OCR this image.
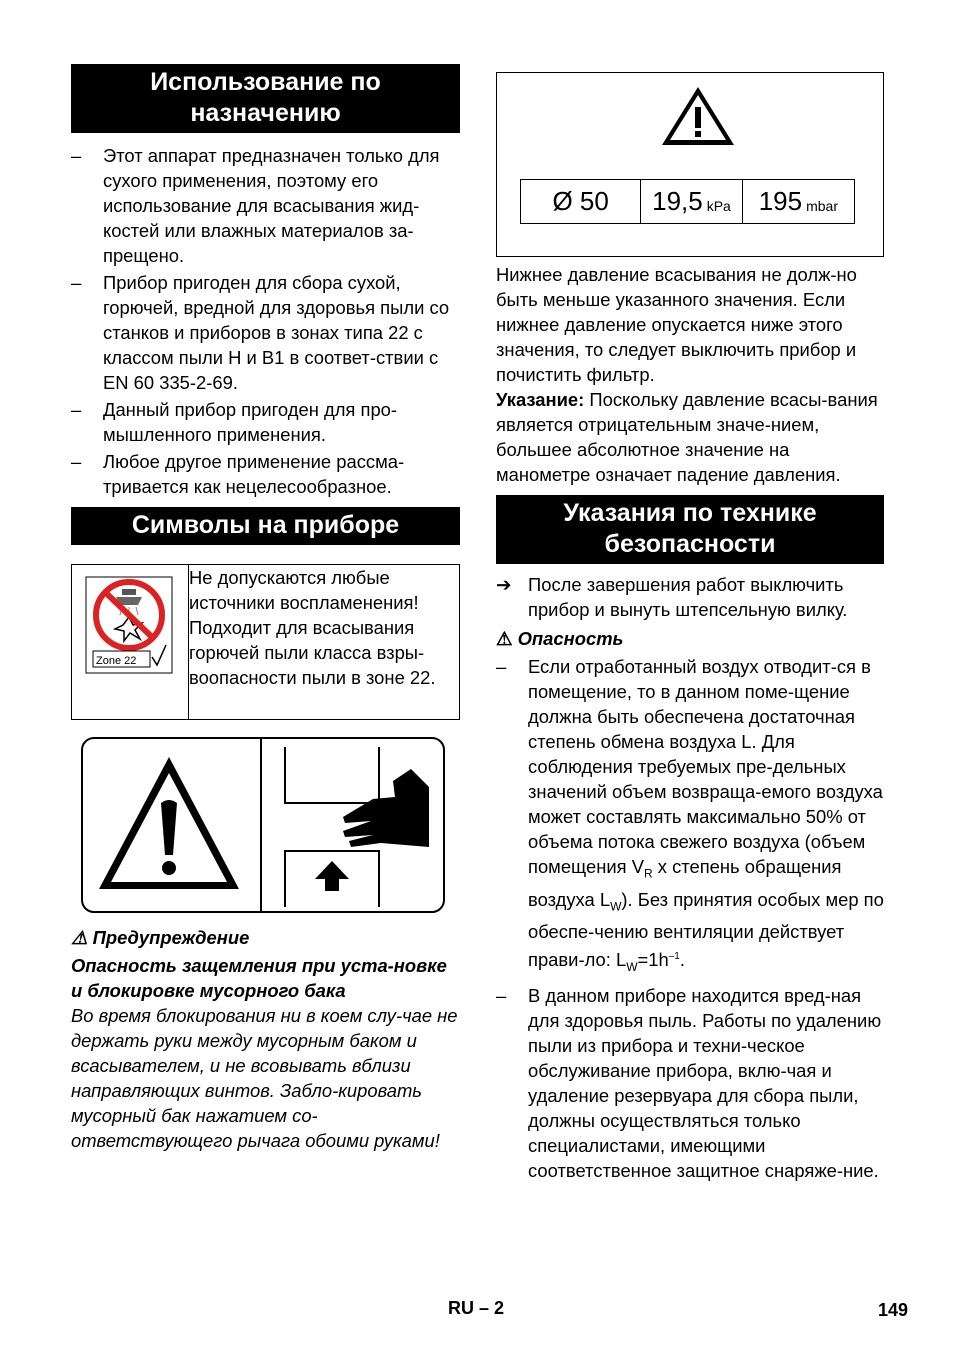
Использование по назначению
–	Этот аппарат предназначен только для сухого применения, поэтому его использование для всасывания жид-костей или влажных материалов за-прещено.
–	Прибор пригоден для сбора сухой, горючей, вредной для здоровья пыли со станков и приборов в зонах типа 22 с классом пыли H и B1 в соответ-ствии с EN 60 335-2-69.
–	Данный прибор пригоден для про-мышленного применения.
–	Любое другое применение рассма-тривается как нецелесообразное.
Символы на приборе
Zone 22
	Не допускаются любые источники воспламенения! Подходит для всасывания горючей пыли класса взры-воопасности пыли в зоне 22.
⚠ Предупреждение
Опасность защемления при уста-новке и блокировке мусорного бака
Во время блокирования ни в коем слу-чае не держать руки между мусорным баком и всасывателем, и не всовывать вблизи направляющих винтов. Забло-кировать мусорный бак нажатием со-ответствующего рычага обоими руками!
Ø 50 19,5 kPa 195 mbar

Нижнее давление всасывания не долж-но быть меньше указанного значения. Если нижнее давление опускается ниже этого значения, то следует выключить прибор и почистить фильтр.

Указание: Поскольку давление всасы-вания является отрицательным значе-нием, большее абсолютное значение на манометре означает падение давления.

Указания по технике безопасности
➔ После завершения работ выключить прибор и вынуть штепсельную вилку.
⚠ Опасность
–	Если отработанный воздух отводит-ся в помещение, то в данном поме-щение должна быть обеспечена достаточная степень обмена воздуха L. Для соблюдения требуемых пре-дельных значений объем возвраща-емого воздуха может составлять максимально 50% от объема потока свежего воздуха (объем помещения $V_R$ x степень обращения воздуха $L_W$). Без принятия особых мер по обеспе-чению вентиляции действует прави-ло: $L_W=1h^{-1}$.
–	В данном приборе находится вред-ная для здоровья пыль. Работы по удалению пыли из прибора и техни-ческое обслуживание прибора, вклю-чая и удаление резервуара для сбора пыли, должны осуществляться только специалистами, имеющими соответственное защитное снаряже-ние.
RU – 2	149
